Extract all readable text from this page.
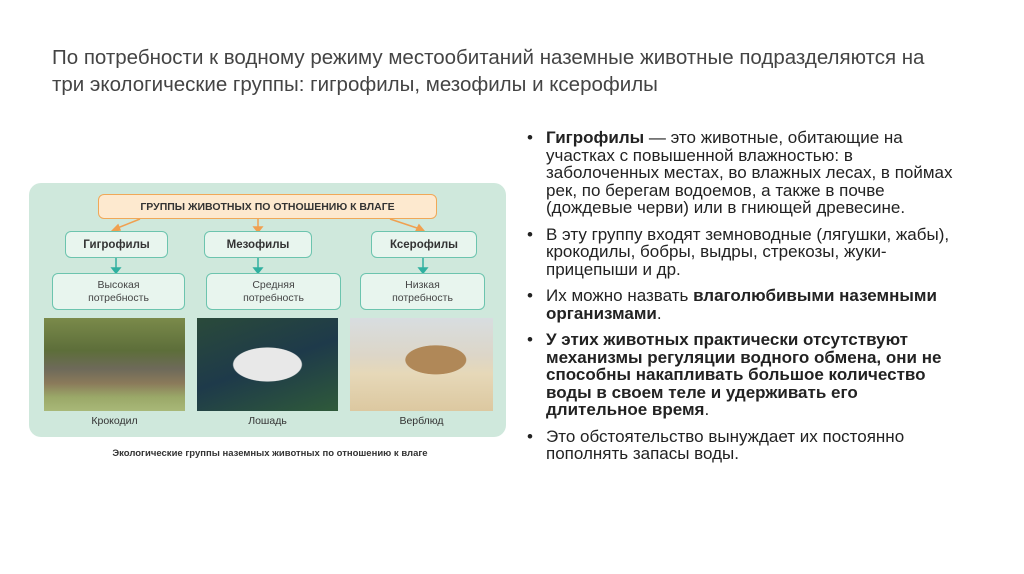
По потребности к водному режиму местообитаний наземные животные подразделяются на три экологические группы: гигрофилы, мезофилы и ксерофилы
ГРУППЫ ЖИВОТНЫХ ПО ОТНОШЕНИЮ К ВЛАГЕ
Гигрофилы	Мезофилы	Ксерофилы
Высокая
потребность
Средняя
потребность
Низкая
потребность
Крокодил	Лошадь	Верблюд
Экологические группы наземных животных по отношению к влаге
• Гигрофилы — это животные, обитающие на участках с повышенной влажностью: в заболоченных местах, во влажных лесах, в поймах рек, по берегам водоемов, а также в почве (дождевые черви) или в гниющей древесине.
• В эту группу входят земноводные (лягушки, жабы), крокодилы, бобры, выдры, стрекозы, жуки-прицепыши и др.
• Их можно назвать влаголюбивыми наземными организмами.
• У этих животных практически отсутствуют механизмы регуляции водного обмена, они не способны накапливать большое количество воды в своем теле и удерживать его длительное время.
• Это обстоятельство вынуждает их постоянно пополнять запасы воды.
